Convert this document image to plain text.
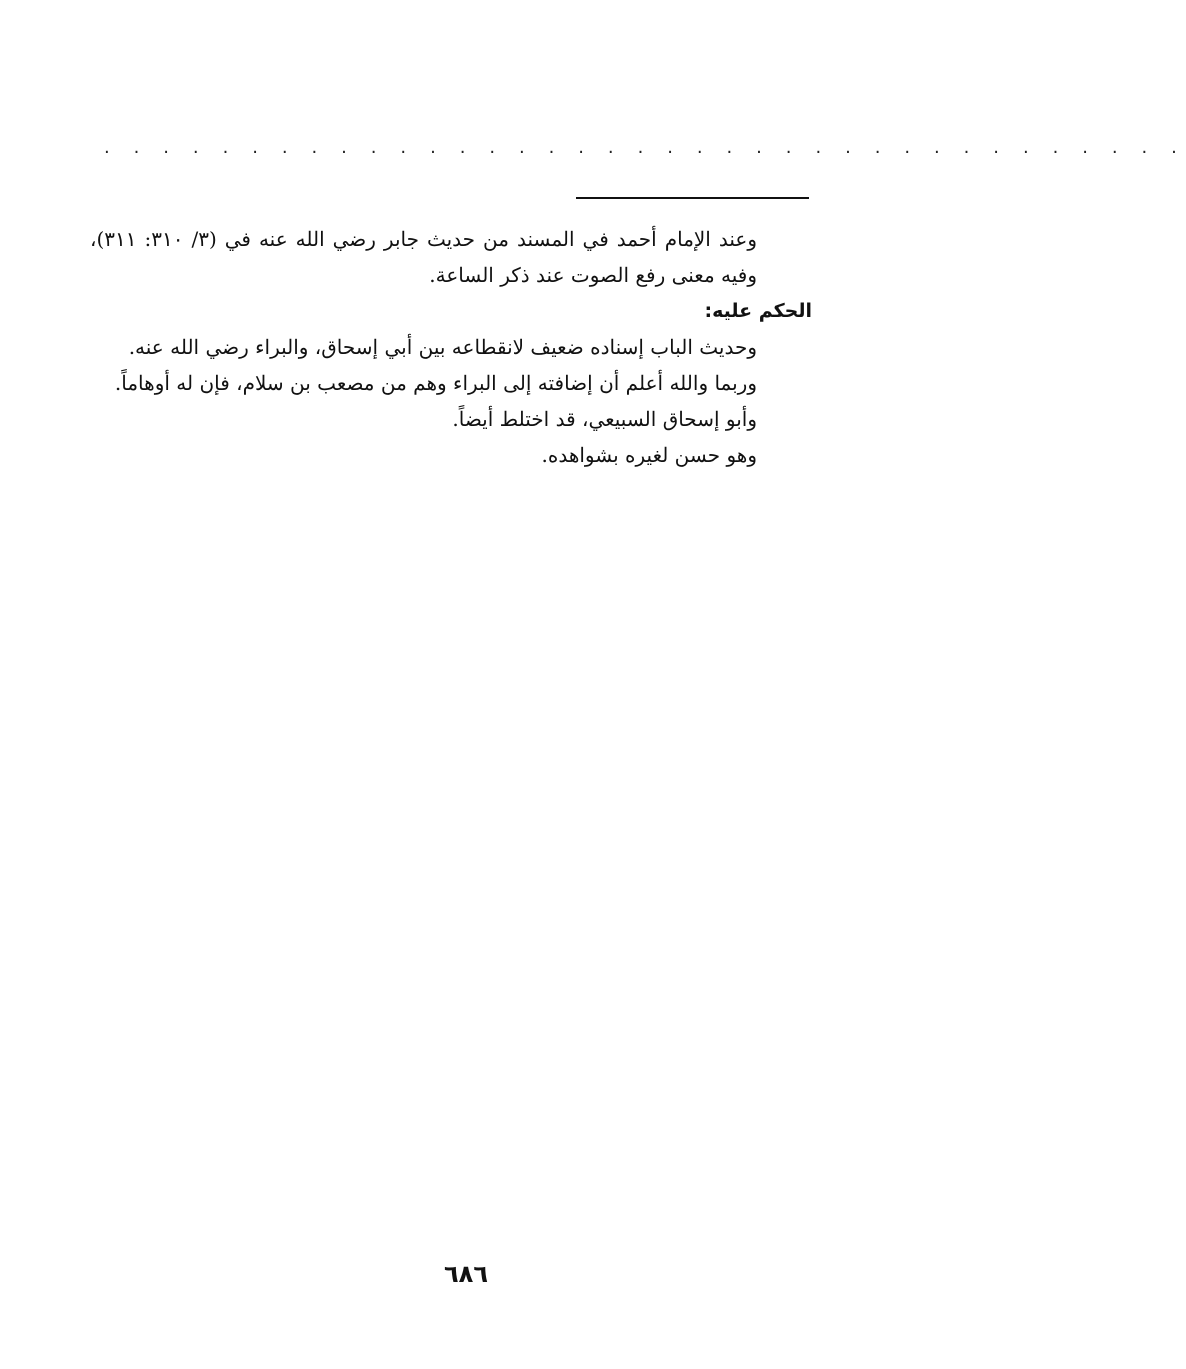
. . . . . . . . . . . . . . . . . . . . . . . . . . . . . . . . . . . . .

وعند الإمام أحمد في المسند من حديث جابر رضي الله عنه في (٣/ ٣١٠: ٣١١)، وفيه معنى رفع الصوت عند ذكر الساعة.

الحكم عليه:

وحديث الباب إسناده ضعيف لانقطاعه بين أبي إسحاق، والبراء رضي الله عنه.

وربما والله أعلم أن إضافته إلى البراء وهم من مصعب بن سلام، فإن له أوهاماً.

وأبو إسحاق السبيعي، قد اختلط أيضاً.

وهو حسن لغيره بشواهده.

٦٨٦
